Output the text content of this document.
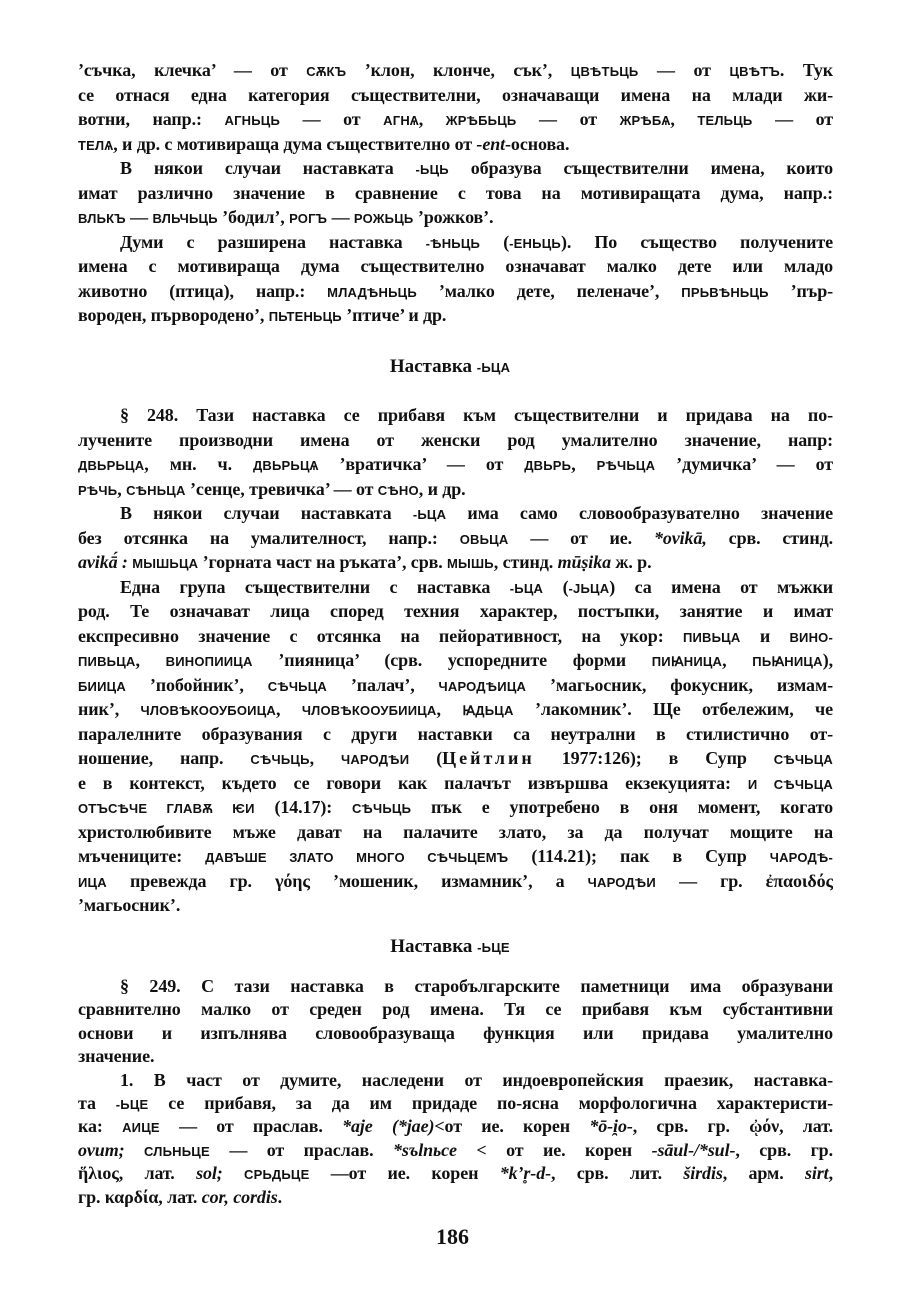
’съчка, клечка’ — от СѪКЪ ’клон, клонче, сък’, ЦВѢТЬЦЬ — от ЦВѢТЪ. Тук
се отнася една категория съществителни, означаващи имена на млади жи-
вотни, напр.: АГНЬЦЬ — от АГНѦ, ЖРѢБЬЦЬ — от ЖРѢБѦ, ТЕЛЬЦЬ — от
ТЕЛѦ, и др. с мотивираща дума съществително от -ent-основа.
В някои случаи наставката -ЬЦЬ образува съществителни имена, които
имат различно значение в сравнение с това на мотивиращата дума, напр.:
ВЛЬКЪ — ВЛЬЧЬЦЬ ’бодил’, РОГЪ — РОЖЬЦЬ ’рожков’.
Думи с разширена наставка -ѢНЬЦЬ (-ЕНЬЦЬ). По същество получените
имена с мотивираща дума съществително означават малко дете или младо
животно (птица), напр.: МЛАДѢНЬЦЬ ’малко дете, пеленаче’, ПРЬВѢНЬЦЬ ’пър-
вороден, първородено’, ПЬТЕНЬЦЬ ’птиче’ и др.
Наставка -ЬЦА
§ 248. Тази наставка се прибавя към съществителни и придава на по-
лучените производни имена от женски род умалително значение, напр:
ДВЬРЬЦА, мн. ч. ДВЬРЬЦѦ ’вратичка’ — от ДВЬРЬ, РѢЧЬЦА ’думичка’ — от
РѢЧЬ, СѢНЬЦА ’сенце, тревичка’ — от СѢНО, и др.
В някои случаи наставката -ЬЦА има само словообразувателно значение
без отсянка на умалителност, напр.: ОВЬЦА — от ие. *ovikā, срв. стинд.
avikā́ : МЫШЬЦА ’горната част на ръката’, срв. МЫШЬ, стинд. mūṣika ж. р.
Една група съществителни с наставка -ЬЦА (-JЬЦА) са имена от мъжки
род. Те означават лица според техния характер, постъпки, занятие и имат
експресивно значение с отсянка на пейоративност, на укор: ПИВЬЦА и ВИНО-
ПИВЬЦА, ВИНОПИИЦА ’пияница’ (срв. успоредните форми ПИꙖНИЦА, ПЬꙖНИЦА),
БИИЦА ’побойник’, СѢЧЬЦА ’палач’, ЧАРОДѢИЦА ’магьосник, фокусник, измам-
ник’, ЧЛОВѢКООУБОИЦА, ЧЛОВѢКООУБИИЦА, ꙖДЬЦА ’лакомник’. Ще отбележим, че
паралелните образувания с други наставки са неутрални в стилистично от-
ношение, напр. СѢЧЬЦЬ, ЧАРОДѢИ (Цейтлин 1977:126); в Супр СѢЧЬЦА
е в контекст, където се говори как палачът извършва екзекуцията: И СѢЧЬЦА
ОТЪСѢЧЕ ГЛАВѪ ѤИ (14.17): СѢЧЬЦЬ пък е употребено в оня момент, когато
христолюбивите мъже дават на палачите злато, за да получат мощите на
мъчениците: ДАВЪШЕ ЗЛАТО МНОГО СѢЧЬЦЕМЪ (114.21); пак в Супр ЧАРОДѢ-
ИЦА превежда гр. γόης ’мошеник, измамник’, а ЧАРОДѢИ — гр. ἐπαοιδός
’магьосник’.
Наставка -ЬЦЕ
§ 249. С тази наставка в старобългарските паметници има образувани
сравнително малко от среден род имена. Тя се прибавя към субстантивни
основи и изпълнява словообразуваща функция или придава умалително
значение.
1. В част от думите, наследени от индоевропейския праезик, наставка-
та -ЬЦЕ се прибавя, за да им придаде по-ясна морфологична характеристи-
ка: АИЦЕ — от праслав. *aje (*jae)<от ие. корен *ō-i̯o-, срв. гр. ᾠόν, лат.
ovum; СЛЬНЬЦЕ — от праслав. *sъlnьce < от ие. корен -sāul-/*sul-, срв. гр.
ἥλιος, лат. sol; СРЬДЬЦЕ —от ие. корен *k’r̥-d-, срв. лит. širdis, арм. sirt,
гр. καρδία, лат. cor, cordis.
186
